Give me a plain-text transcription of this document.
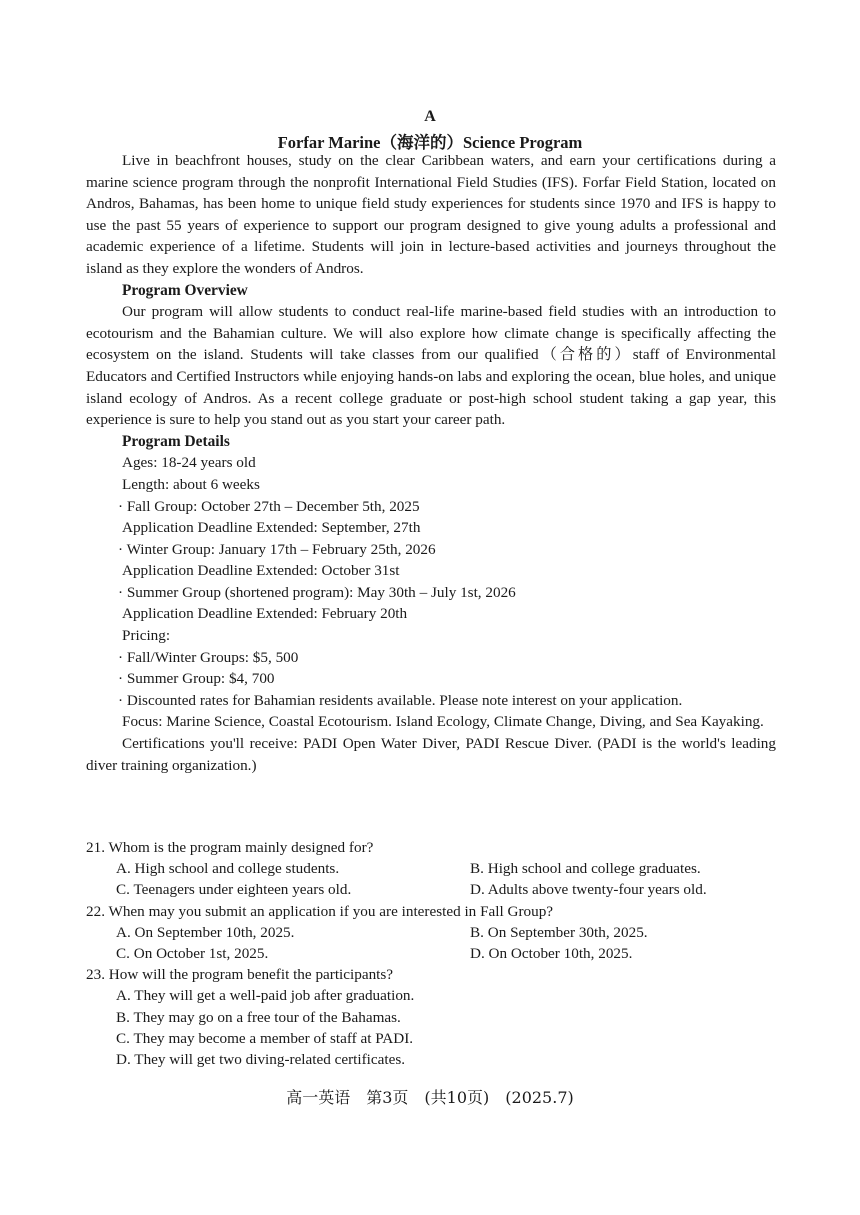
A
Forfar Marine（海洋的）Science Program

Live in beachfront houses, study on the clear Caribbean waters, and earn your certifications during a marine science program through the nonprofit International Field Studies (IFS). Forfar Field Station, located on Andros, Bahamas, has been home to unique field study experiences for students since 1970 and IFS is happy to use the past 55 years of experience to support our program designed to give young adults a professional and academic experience of a lifetime. Students will join in lecture-based activities and journeys throughout the island as they explore the wonders of Andros.

Program Overview

Our program will allow students to conduct real-life marine-based field studies with an introduction to ecotourism and the Bahamian culture. We will also explore how climate change is specifically affecting the ecosystem on the island. Students will take classes from our qualified（合格的）staff of Environmental Educators and Certified Instructors while enjoying hands-on labs and exploring the ocean, blue holes, and unique island ecology of Andros. As a recent college graduate or post-high school student taking a gap year, this experience is sure to help you stand out as you start your career path.

Program Details
Ages: 18-24 years old
Length: about 6 weeks
· Fall Group: October 27th – December 5th, 2025
Application Deadline Extended: September, 27th
· Winter Group: January 17th – February 25th, 2026
Application Deadline Extended: October 31st
· Summer Group (shortened program): May 30th – July 1st, 2026
Application Deadline Extended: February 20th
Pricing:
· Fall/Winter Groups: $5, 500
· Summer Group: $4, 700
· Discounted rates for Bahamian residents available. Please note interest on your application.

Focus: Marine Science, Coastal Ecotourism. Island Ecology, Climate Change, Diving, and Sea Kayaking.

Certifications you'll receive: PADI Open Water Diver, PADI Rescue Diver. (PADI is the world's leading diver training organization.)

21. Whom is the program mainly designed for?
A. High school and college students.	B. High school and college graduates.
C. Teenagers under eighteen years old.	D. Adults above twenty-four years old.
22. When may you submit an application if you are interested in Fall Group?
A. On September 10th, 2025.	B. On September 30th, 2025.
C. On October 1st, 2025.	D. On October 10th, 2025.
23. How will the program benefit the participants?
A. They will get a well-paid job after graduation.
B. They may go on a free tour of the Bahamas.
C. They may become a member of staff at PADI.
D. They will get two diving-related certificates.
高一英语　第3页　(共10页)　(2025.7)
